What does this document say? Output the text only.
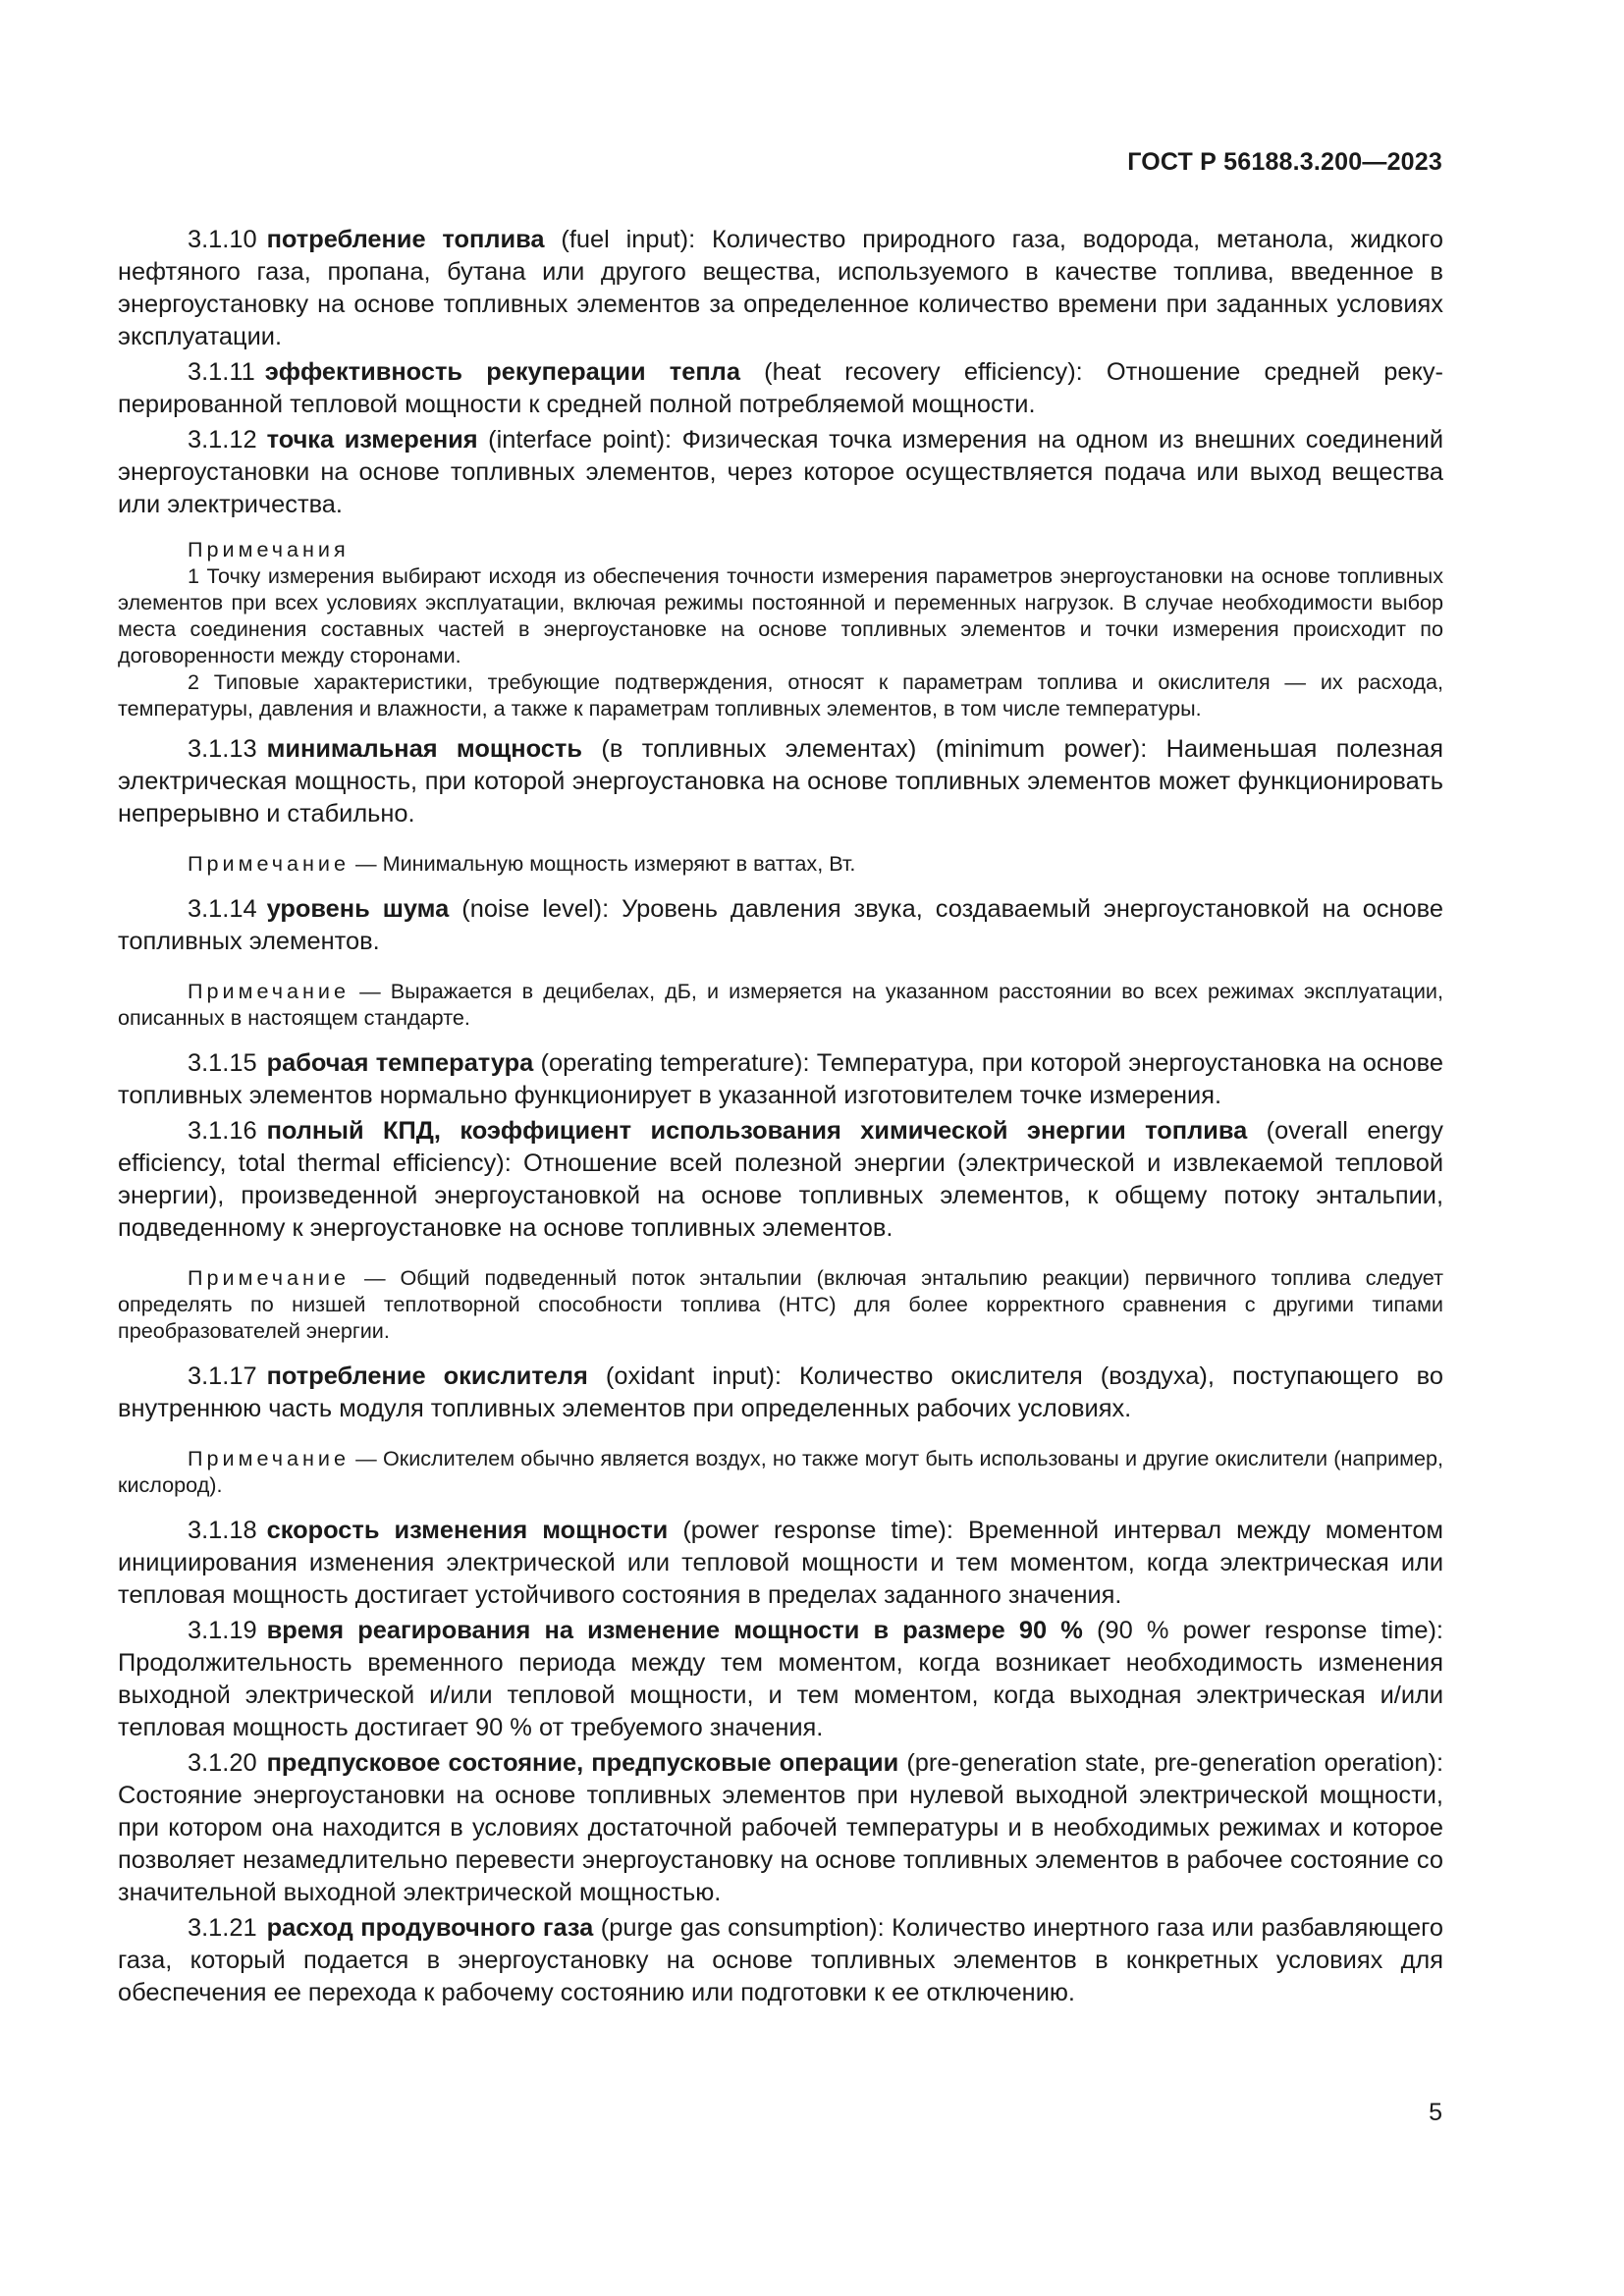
ГОСТ Р 56188.3.200—2023

3.1.10 потребление топлива (fuel input): Количество природного газа, водорода, метанола, жидкого нефтяного газа, пропана, бутана или другого вещества, используемого в качестве топлива, введенное в энергоустановку на основе топливных элементов за определенное количество времени при заданных условиях эксплуатации.

3.1.11 эффективность рекуперации тепла (heat recovery efficiency): Отношение средней рекуперированной тепловой мощности к средней полной потребляемой мощности.

3.1.12 точка измерения (interface point): Физическая точка измерения на одном из внешних соединений энергоустановки на основе топливных элементов, через которое осуществляется подача или выход вещества или электричества.

Примечания

1 Точку измерения выбирают исходя из обеспечения точности измерения параметров энергоустановки на основе топливных элементов при всех условиях эксплуатации, включая режимы постоянной и переменных нагрузок. В случае необходимости выбор места соединения составных частей в энергоустановке на основе топливных элементов и точки измерения происходит по договоренности между сторонами.

2 Типовые характеристики, требующие подтверждения, относят к параметрам топлива и окислителя — их расхода, температуры, давления и влажности, а также к параметрам топливных элементов, в том числе температуры.

3.1.13 минимальная мощность (в топливных элементах) (minimum power): Наименьшая полезная электрическая мощность, при которой энергоустановка на основе топливных элементов может функционировать непрерывно и стабильно.

Примечание — Минимальную мощность измеряют в ваттах, Вт.

3.1.14 уровень шума (noise level): Уровень давления звука, создаваемый энергоустановкой на основе топливных элементов.

Примечание — Выражается в децибелах, дБ, и измеряется на указанном расстоянии во всех режимах эксплуатации, описанных в настоящем стандарте.

3.1.15 рабочая температура (operating temperature): Температура, при которой энергоустановка на основе топливных элементов нормально функционирует в указанной изготовителем точке измерения.

3.1.16 полный КПД, коэффициент использования химической энергии топлива (overall energy efficiency, total thermal efficiency): Отношение всей полезной энергии (электрической и извлекаемой тепловой энергии), произведенной энергоустановкой на основе топливных элементов, к общему потоку энтальпии, подведенному к энергоустановке на основе топливных элементов.

Примечание — Общий подведенный поток энтальпии (включая энтальпию реакции) первичного топлива следует определять по низшей теплотворной способности топлива (НТС) для более корректного сравнения с другими типами преобразователей энергии.

3.1.17 потребление окислителя (oxidant input): Количество окислителя (воздуха), поступающего во внутреннюю часть модуля топливных элементов при определенных рабочих условиях.

Примечание — Окислителем обычно является воздух, но также могут быть использованы и другие окислители (например, кислород).

3.1.18 скорость изменения мощности (power response time): Временной интервал между моментом инициирования изменения электрической или тепловой мощности и тем моментом, когда электрическая или тепловая мощность достигает устойчивого состояния в пределах заданного значения.

3.1.19 время реагирования на изменение мощности в размере 90 % (90 % power response time): Продолжительность временного периода между тем моментом, когда возникает необходимость изменения выходной электрической и/или тепловой мощности, и тем моментом, когда выходная электрическая и/или тепловая мощность достигает 90 % от требуемого значения.

3.1.20 предпусковое состояние, предпусковые операции (pre-generation state, pre-generation operation): Состояние энергоустановки на основе топливных элементов при нулевой выходной электрической мощности, при котором она находится в условиях достаточной рабочей температуры и в необходимых режимах и которое позволяет незамедлительно перевести энергоустановку на основе топливных элементов в рабочее состояние со значительной выходной электрической мощностью.

3.1.21 расход продувочного газа (purge gas consumption): Количество инертного газа или разбавляющего газа, который подается в энергоустановку на основе топливных элементов в конкретных условиях для обеспечения ее перехода к рабочему состоянию или подготовки к ее отключению.

5
